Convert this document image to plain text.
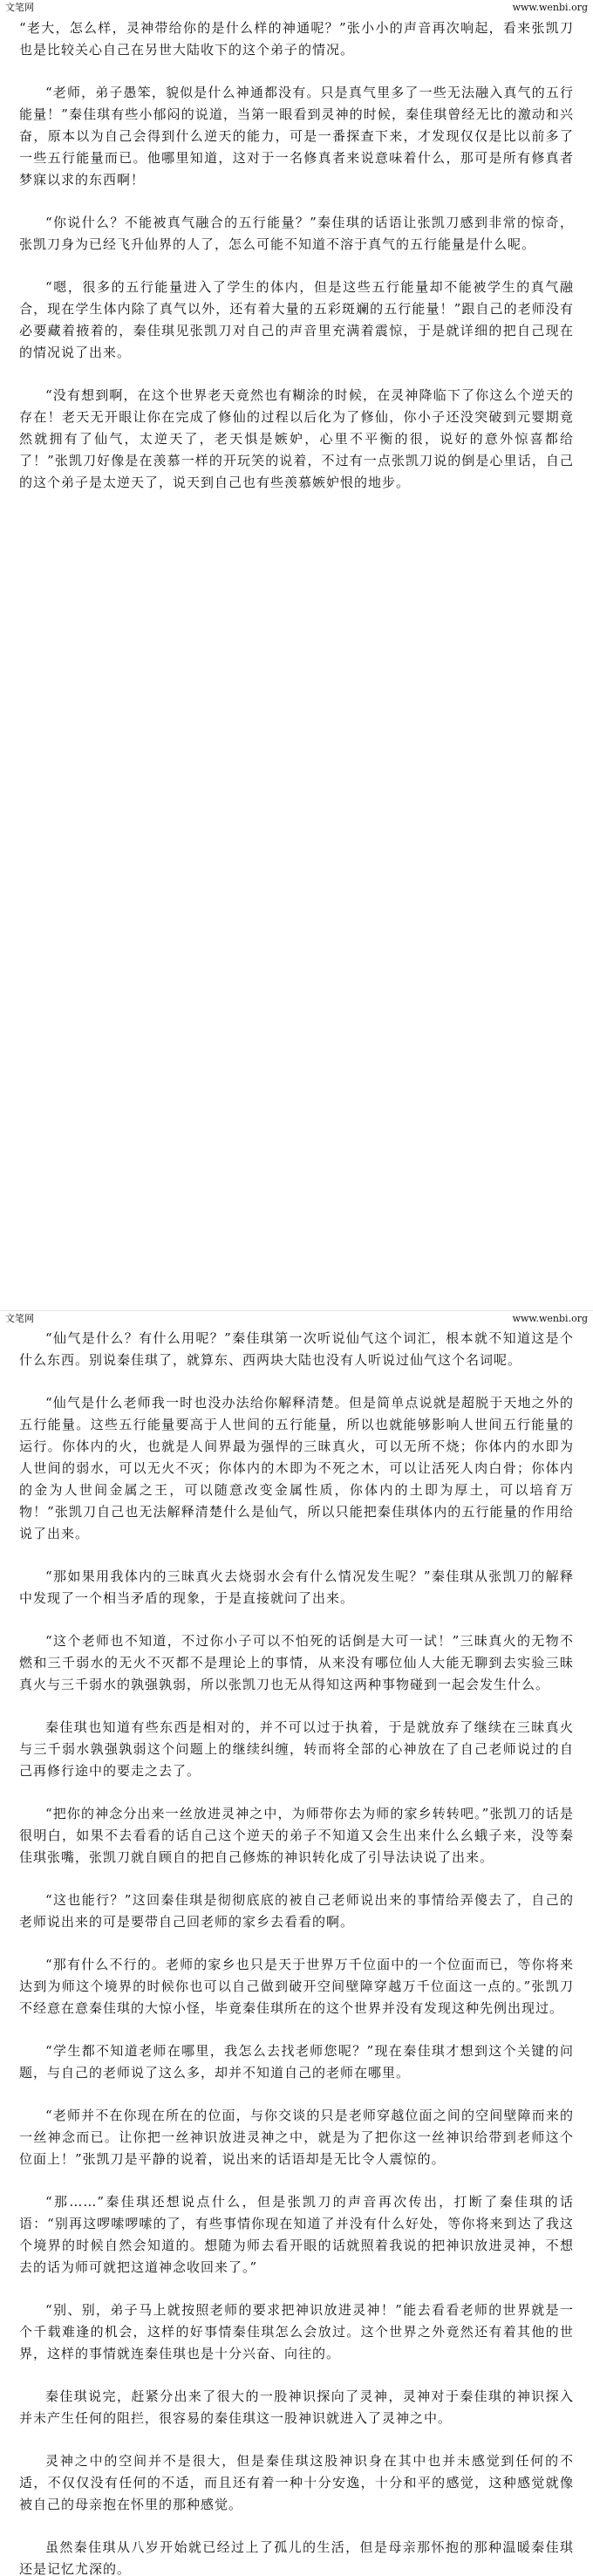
文笔网	www.wenbi.org

“老大，怎么样，灵神带给你的是什么样的神通呢？”张小小的声音再次响起，看来张凯刀也是比较关心自己在另世大陆收下的这个弟子的情况。

“老师，弟子愚笨，貌似是什么神通都没有。只是真气里多了一些无法融入真气的五行能量！”秦佳琪有些小郁闷的说道，当第一眼看到灵神的时候，秦佳琪曾经无比的激动和兴奋，原本以为自己会得到什么逆天的能力，可是一番探查下来，才发现仅仅是比以前多了一些五行能量而已。他哪里知道，这对于一名修真者来说意味着什么，那可是所有修真者梦寐以求的东西啊！

“你说什么？不能被真气融合的五行能量？”秦佳琪的话语让张凯刀感到非常的惊奇，张凯刀身为已经飞升仙界的人了，怎么可能不知道不溶于真气的五行能量是什么呢。

“嗯，很多的五行能量进入了学生的体内，但是这些五行能量却不能被学生的真气融合，现在学生体内除了真气以外，还有着大量的五彩斑斓的五行能量！”跟自己的老师没有必要藏着掖着的，秦佳琪见张凯刀对自己的声音里充满着震惊，于是就详细的把自己现在的情况说了出来。

“没有想到啊，在这个世界老天竟然也有糊涂的时候，在灵神降临下了你这么个逆天的存在！老天无开眼让你在完成了修仙的过程以后化为了修仙，你小子还没突破到元婴期竟然就拥有了仙气，太逆天了，老天惧是嫉妒，心里不平衡的很，说好的意外惊喜都给了！”张凯刀好像是在羡慕一样的开玩笑的说着，不过有一点张凯刀说的倒是心里话，自己的这个弟子是太逆天了，说天到自己也有些羡慕嫉妒恨的地步。

文笔网	www.wenbi.org

“仙气是什么？有什么用呢？”秦佳琪第一次听说仙气这个词汇，根本就不知道这是个什么东西。别说秦佳琪了，就算东、西两块大陆也没有人听说过仙气这个名词呢。

“仙气是什么老师我一时也没办法给你解释清楚。但是简单点说就是超脱于天地之外的五行能量。这些五行能量要高于人世间的五行能量，所以也就能够影响人世间五行能量的运行。你体内的火，也就是人间界最为强悍的三昧真火，可以无所不烧；你体内的水即为人世间的弱水，可以无火不灭；你体内的木即为不死之木，可以让活死人肉白骨；你体内的金为人世间金属之王，可以随意改变金属性质，你体内的土即为厚土，可以培育万物！”张凯刀自己也无法解释清楚什么是仙气，所以只能把秦佳琪体内的五行能量的作用给说了出来。

“那如果用我体内的三昧真火去烧弱水会有什么情况发生呢？”秦佳琪从张凯刀的解释中发现了一个相当矛盾的现象，于是直接就问了出来。

“这个老师也不知道，不过你小子可以不怕死的话倒是大可一试！”三昧真火的无物不燃和三千弱水的无火不灭都不是理论上的事情，从来没有哪位仙人大能无聊到去实验三昧真火与三千弱水的孰强孰弱，所以张凯刀也无从得知这两种事物碰到一起会发生什么。

秦佳琪也知道有些东西是相对的，并不可以过于执着，于是就放弃了继续在三昧真火与三千弱水孰强孰弱这个问题上的继续纠缠，转而将全部的心神放在了自己老师说过的自己再修行途中的要走之去了。

“把你的神念分出来一丝放进灵神之中，为师带你去为师的家乡转转吧。”张凯刀的话是很明白，如果不去看看的话自己这个逆天的弟子不知道又会生出来什么幺蛾子来，没等秦佳琪张嘴，张凯刀就自顾自的把自己修炼的神识转化成了引导法诀说了出来。

“这也能行？”这回秦佳琪是彻彻底底的被自己老师说出来的事情给弄傻去了，自己的老师说出来的可是要带自己回老师的家乡去看看的啊。

“那有什么不行的。老师的家乡也只是天于世界万千位面中的一个位面而已，等你将来达到为师这个境界的时候你也可以自己做到破开空间壁障穿越万千位面这一点的。”张凯刀不经意在意秦佳琪的大惊小怪，毕竟秦佳琪所在的这个世界并没有发现这种先例出现过。

“学生都不知道老师在哪里，我怎么去找老师您呢？”现在秦佳琪才想到这个关键的问题，与自己的老师说了这么多，却并不知道自己的老师在哪里。

“老师并不在你现在所在的位面，与你交谈的只是老师穿越位面之间的空间壁障而来的一丝神念而已。让你把一丝神识放进灵神之中，就是为了把你这一丝神识给带到老师这个位面上！”张凯刀是平静的说着，说出来的话语却是无比令人震惊的。

“那……”秦佳琪还想说点什么，但是张凯刀的声音再次传出，打断了秦佳琪的话语：“别再这啰嗦啰嗦的了，有些事情你现在知道了并没有什么好处，等你将来到达了我这个境界的时候自然会知道的。想随为师去看开眼的话就照着我说的把神识放进灵神，不想去的话为师可就把这道神念收回来了。”

“别、别，弟子马上就按照老师的要求把神识放进灵神！”能去看看老师的世界就是一个千载难逢的机会，这样的好事情秦佳琪怎么会放过。这个世界之外竟然还有着其他的世界，这样的事情就连秦佳琪也是十分兴奋、向往的。

秦佳琪说完，赶紧分出来了很大的一股神识探向了灵神，灵神对于秦佳琪的神识探入并未产生任何的阻拦，很容易的秦佳琪这一股神识就进入了灵神之中。

灵神之中的空间并不是很大，但是秦佳琪这股神识身在其中也并未感觉到任何的不适，不仅仅没有任何的不适，而且还有着一种十分安逸，十分和平的感觉，这种感觉就像被自己的母亲抱在怀里的那种感觉。

虽然秦佳琪从八岁开始就已经过上了孤儿的生活，但是母亲那怀抱的那种温暖秦佳琪还是记忆尤深的。
